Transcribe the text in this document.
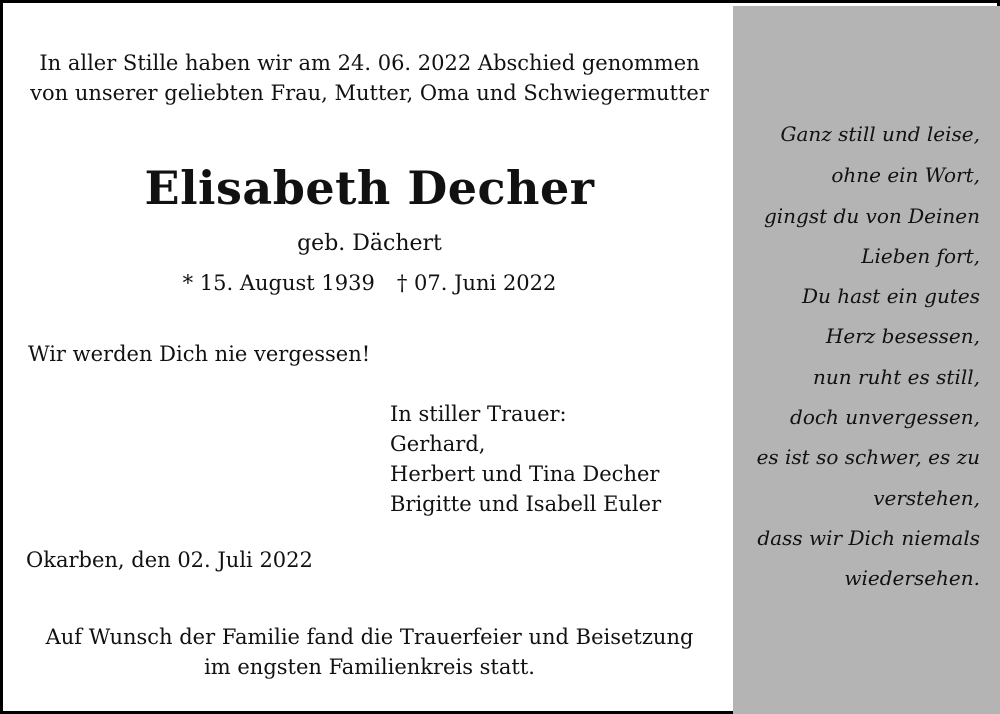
In aller Stille haben wir am 24. 06. 2022 Abschied genommen
von unserer geliebten Frau, Mutter, Oma und Schwiegermutter
Elisabeth Decher
geb. Dächert
* 15. August 1939 † 07. Juni 2022
Wir werden Dich nie vergessen!
In stiller Trauer:
Gerhard,
Herbert und Tina Decher
Brigitte und Isabell Euler
Okarben, den 02. Juli 2022
Auf Wunsch der Familie fand die Trauerfeier und Beisetzung
im engsten Familienkreis statt.
Ganz still und leise,
ohne ein Wort,
gingst du von Deinen
Lieben fort,
Du hast ein gutes
Herz besessen,
nun ruht es still,
doch unvergessen,
es ist so schwer, es zu
verstehen,
dass wir Dich niemals
wiedersehen.
